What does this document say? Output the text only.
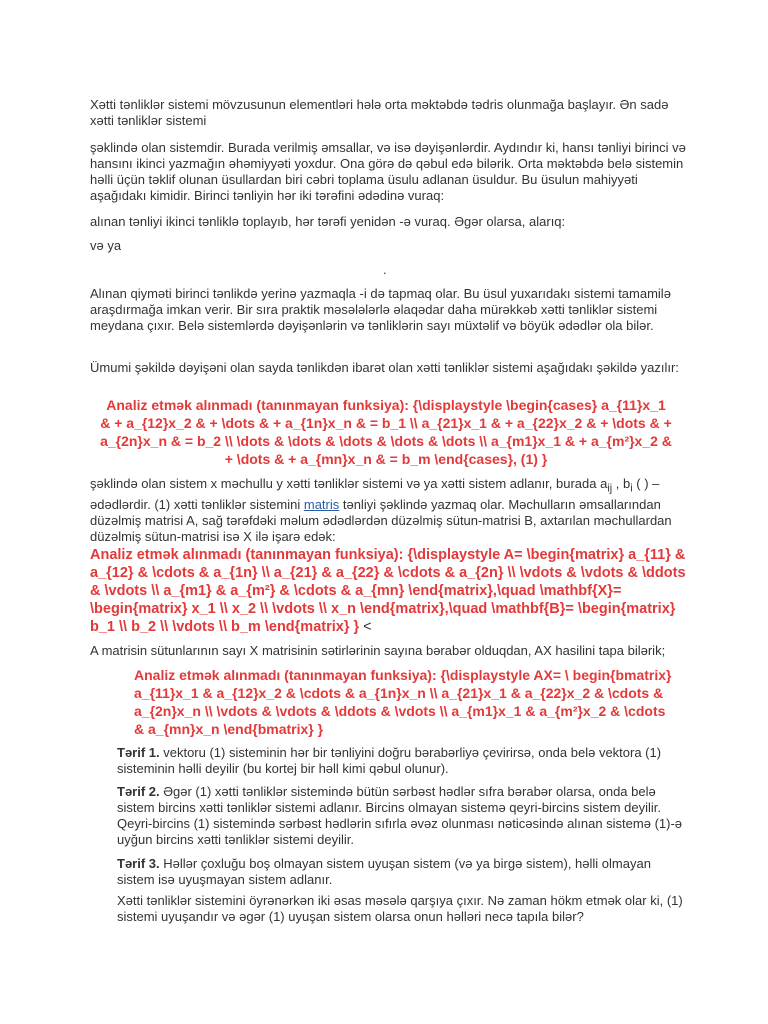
Xətti tənliklər sistemi mövzusunun elementləri hələ orta məktəbdə tədris olunmağa başlayır. Ən sadə
xətti tənliklər sistemi

şəklində olan sistemdir. Burada verilmiş əmsallar, və isə dəyişənlərdir. Aydındır ki, hansı tənliyi birinci və hansını ikinci yazmağın əhəmiyyəti yoxdur. Ona görə də qəbul edə bilərik. Orta məktəbdə belə sistemin həlli üçün təklif olunan üsullardan biri cəbri toplama üsulu adlanan üsuldur. Bu üsulun mahiyyəti aşağıdakı kimidir. Birinci tənliyin hər iki tərəfini ədədinə vuraq:

alınan tənliyi ikinci tənliklə toplayıb, hər tərəfi yenidən -ə vuraq. Əgər olarsa, alarıq:

və ya

.

Alınan qiyməti birinci tənlikdə yerinə yazmaqla -i də tapmaq olar. Bu üsul yuxarıdakı sistemi tamamilə araşdırmağa imkan verir. Bir sıra praktik məsələlərlə əlaqədar daha mürəkkəb xətti tənliklər sistemi meydana çıxır. Belə sistemlərdə dəyişənlərin və tənliklərin sayı müxtəlif və böyük ədədlər ola bilər.

Ümumi şəkildə dəyişəni olan sayda tənlikdən ibarət olan xətti tənliklər sistemi aşağıdakı şəkildə yazılır:

Analiz etmək alınmadı (tanınmayan funksiya): {\displaystyle \begin{cases} a_{11}x_1 & + a_{12}x_2 & + \dots & + a_{1n}x_n & = b_1 \\ a_{21}x_1 & + a_{22}x_2 & + \dots & + a_{2n}x_n & = b_2 \\ \dots & \dots & \dots & \dots & \dots \\ a_{m1}x_1 & + a_{m²}x_2 & + \dots & + a_{mn}x_n & = b_m \end{cases}, (1) }

şəklində olan sistem x məchullu y xətti tənliklər sistemi və ya xətti sistem adlanır, burada $a_{ij}$ , $b_i$ ( ) – ədədlərdir. (1) xətti tənliklər sistemini matris tənliyi şəklində yazmaq olar. Məchulların əmsallarından düzəlmiş matrisi A, sağ tərəfdəki məlum ədədlərdən düzəlmiş sütun-matrisi B, axtarılan məchullardan düzəlmiş sütun-matrisi isə X ilə işarə edək:

Analiz etmək alınmadı (tanınmayan funksiya): {\displaystyle A= \begin{matrix} a_{11} & a_{12} & \cdots & a_{1n} \\ a_{21} & a_{22} & \cdots & a_{2n} \\ \vdots & \vdots & \ddots & \vdots \\ a_{m1} & a_{m²} & \cdots & a_{mn} \end{matrix},\quad \mathbf{X}= \begin{matrix} x_1 \\ x_2 \\ \vdots \\ x_n \end{matrix},\quad \mathbf{B}= \begin{matrix} b_1 \\ b_2 \\ \vdots \\ b_m \end{matrix} } <

A matrisin sütunlarının sayı X matrisinin sətirlərinin sayına bərabər olduqdan, AX hasilini tapa bilərik;

Analiz etmək alınmadı (tanınmayan funksiya): {\displaystyle AX= \ begin{bmatrix} a_{11}x_1 & a_{12}x_2 & \cdots & a_{1n}x_n \\ a_{21}x_1 & a_{22}x_2 & \cdots & a_{2n}x_n \\ \vdots & \vdots & \ddots & \vdots \\ a_{m1}x_1 & a_{m²}x_2 & \cdots & a_{mn}x_n \end{bmatrix} }

Tərif 1. vektoru (1) sisteminin hər bir tənliyini doğru bərabərliyə çevirirsə, onda belə vektora (1) sisteminin həlli deyilir (bu kortej bir həll kimi qəbul olunur).

Tərif 2. Əgər (1) xətti tənliklər sistemində bütün sərbəst hədlər sıfra bərabər olarsa, onda belə sistem bircins xətti tənliklər sistemi adlanır. Bircins olmayan sistemə qeyri-bircins sistem deyilir. Qeyri-bircins (1) sistemində sərbəst hədlərin sıfırla əvəz olunması nəticəsində alınan sistemə (1)-ə uyğun bircins xətti tənliklər sistemi deyilir.

Tərif 3. Həllər çoxluğu boş olmayan sistem uyuşan sistem (və ya birgə sistem), həlli olmayan sistem isə uyuşmayan sistem adlanır.

Xətti tənliklər sistemini öyrənərkən iki əsas məsələ qarşıya çıxır. Nə zaman hökm etmək olar ki, (1) sistemi uyuşandır və əgər (1) uyuşan sistem olarsa onun həlləri necə tapıla bilər?
